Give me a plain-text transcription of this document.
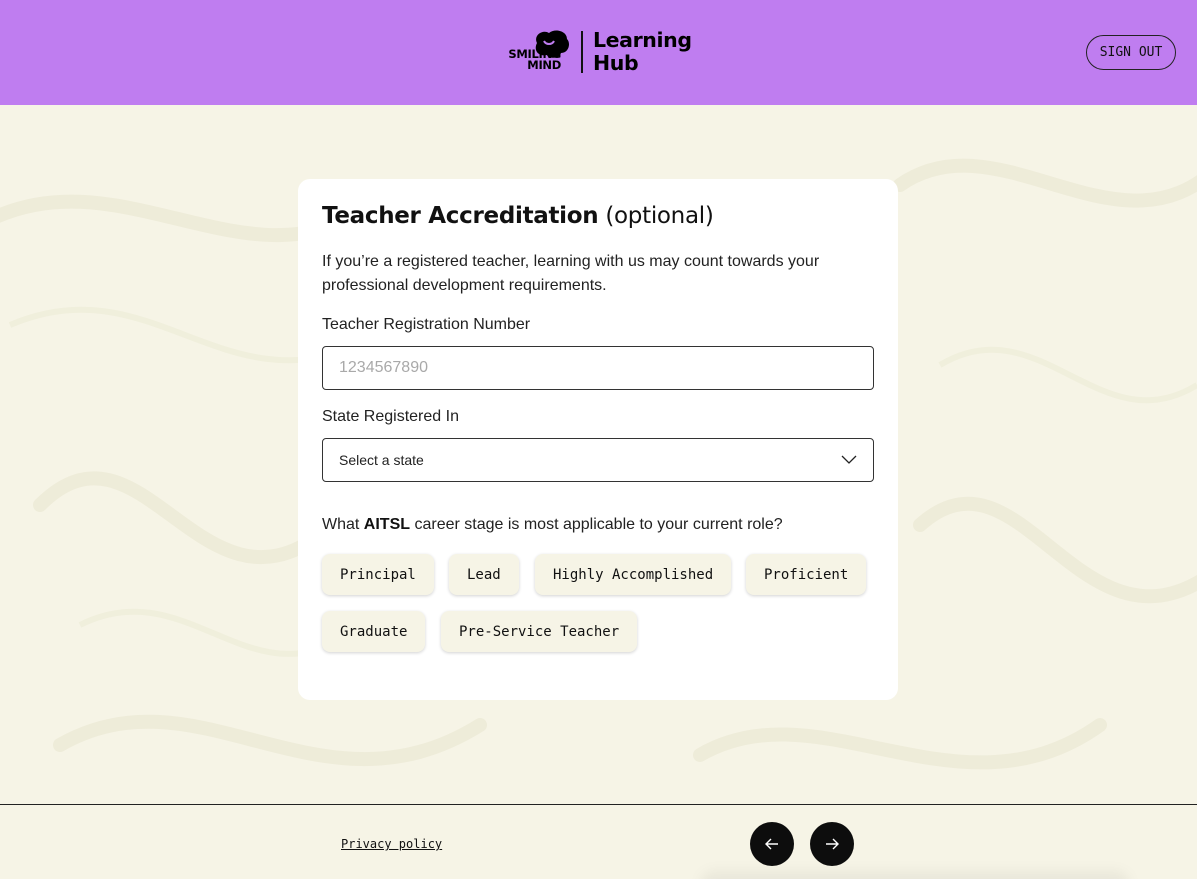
SMILING
MIND
Learning
Hub	SIGN OUT
Teacher Accreditation (optional)
If you’re a registered teacher, learning with us may count towards your professional development requirements.
Teacher Registration Number
1234567890
State Registered In
Select a state
What AITSL career stage is most applicable to your current role?
Principal	Lead	Highly Accomplished	Proficient
Graduate	Pre-Service Teacher
Privacy policy
